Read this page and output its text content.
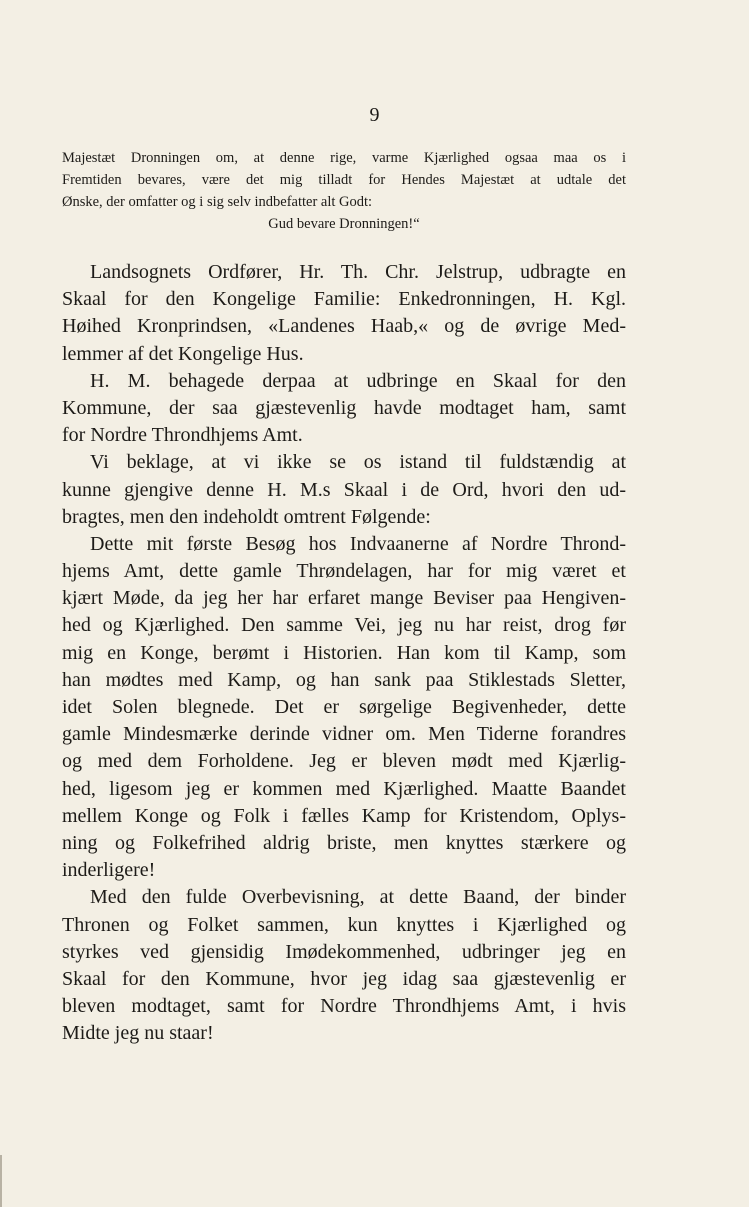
9
Majestæt Dronningen om, at denne rige, varme Kjærlighed ogsaa maa os i
Fremtiden bevares, være det mig tilladt for Hendes Majestæt at udtale det
Ønske, der omfatter og i sig selv indbefatter alt Godt:
Gud bevare Dronningen!“
Landsognets Ordfører, Hr. Th. Chr. Jelstrup, udbragte en
Skaal for den Kongelige Familie: Enkedronningen, H. Kgl.
Høihed Kronprindsen, «Landenes Haab,« og de øvrige Med-
lemmer af det Kongelige Hus.
H. M. behagede derpaa at udbringe en Skaal for den
Kommune, der saa gjæstevenlig havde modtaget ham, samt
for Nordre Throndhjems Amt.
Vi beklage, at vi ikke se os istand til fuldstændig at
kunne gjengive denne H. M.s Skaal i de Ord, hvori den ud-
bragtes, men den indeholdt omtrent Følgende:
Dette mit første Besøg hos Indvaanerne af Nordre Thrond-
hjems Amt, dette gamle Thrøndelagen, har for mig været et
kjært Møde, da jeg her har erfaret mange Beviser paa Hengiven-
hed og Kjærlighed. Den samme Vei, jeg nu har reist, drog før
mig en Konge, berømt i Historien. Han kom til Kamp, som
han mødtes med Kamp, og han sank paa Stiklestads Sletter,
idet Solen blegnede. Det er sørgelige Begivenheder, dette
gamle Mindesmærke derinde vidner om. Men Tiderne forandres
og med dem Forholdene. Jeg er bleven mødt med Kjærlig-
hed, ligesom jeg er kommen med Kjærlighed. Maatte Baandet
mellem Konge og Folk i fælles Kamp for Kristendom, Oplys-
ning og Folkefrihed aldrig briste, men knyttes stærkere og
inderligere!
Med den fulde Overbevisning, at dette Baand, der binder
Thronen og Folket sammen, kun knyttes i Kjærlighed og
styrkes ved gjensidig Imødekommenhed, udbringer jeg en
Skaal for den Kommune, hvor jeg idag saa gjæstevenlig er
bleven modtaget, samt for Nordre Throndhjems Amt, i hvis
Midte jeg nu staar!
